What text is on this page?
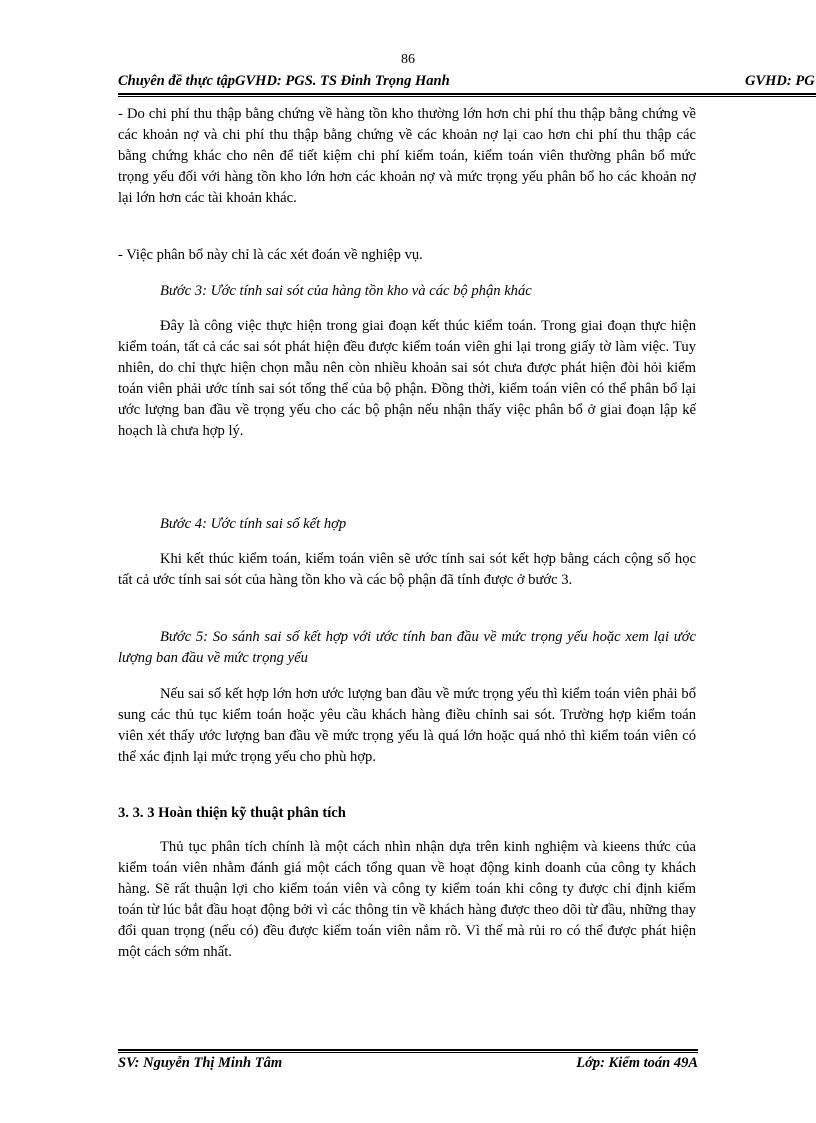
86
Chuyên đề thực tậpGVHD: PGS. TS Đinh Trọng Hanh	GVHD: PG

- Do chi phí thu thập bằng chứng về hàng tồn kho thường lớn hơn chi phí thu thập bằng chứng về các khoản nợ và chi phí thu thập bằng chứng về các khoản nợ lại cao hơn chi phí thu thập các bằng chứng khác cho nên để tiết kiệm chi phí kiểm toán, kiểm toán viên thường phân bổ mức trọng yếu đối với hàng tồn kho lớn hơn các khoản nợ và mức trọng yếu phân bổ ho các khoản nợ lại lớn hơn các tài khoản khác.

- Việc phân bổ này chỉ là các xét đoán về nghiệp vụ.

Bước 3: Ước tính sai sót của hàng tồn kho và các bộ phận khác

Đây là công việc thực hiện trong giai đoạn kết thúc kiểm toán. Trong giai đoạn thực hiện kiểm toán, tất cả các sai sót phát hiện đều được kiểm toán viên ghi lại trong giấy tờ làm việc. Tuy nhiên, do chỉ thực hiện chọn mẫu nên còn nhiều khoản sai sót chưa được phát hiện đòi hỏi kiểm toán viên phải ước tính sai sót tổng thể của bộ phận. Đồng thời, kiểm toán viên có thể phân bổ lại ước lượng ban đầu về trọng yếu cho các bộ phận nếu nhận thấy việc phân bổ ở giai đoạn lập kế hoạch là chưa hợp lý.

Bước 4: Ước tính sai số kết hợp

Khi kết thúc kiểm toán, kiểm toán viên sẽ ước tính sai sót kết hợp bằng cách cộng số học tất cả ước tính sai sót của hàng tồn kho và các bộ phận đã tính được ở bước 3.

Bước 5: So sánh sai số kết hợp với ước tính ban đầu về mức trọng yếu hoặc xem lại ước lượng ban đầu về mức trọng yếu

Nếu sai số kết hợp lớn hơn ước lượng ban đầu về mức trọng yếu thì kiểm toán viên phải bổ sung các thủ tục kiểm toán hoặc yêu cầu khách hàng điều chỉnh sai sót. Trường hợp kiểm toán viên xét thấy ước lượng ban đầu về mức trọng yếu là quá lớn hoặc quá nhỏ thì kiểm toán viên có thể xác định lại mức trọng yếu cho phù hợp.

3. 3. 3 Hoàn thiện kỹ thuật phân tích

Thủ tục phân tích chính là một cách nhìn nhận dựa trên kinh nghiệm và kieens thức của kiểm toán viên nhằm đánh giá một cách tổng quan về hoạt động kinh doanh của công ty khách hàng. Sẽ rất thuận lợi cho kiểm toán viên và công ty kiểm toán khi công ty được chỉ định kiểm toán từ lúc bắt đầu hoạt động bởi vì các thông tin về khách hàng được theo dõi từ đầu, những thay đổi quan trọng (nếu có) đều được kiểm toán viên nắm rõ. Vì thế mà rủi ro có thể được phát hiện một cách sớm nhất.

SV: Nguyễn Thị Minh Tâm	Lớp: Kiểm toán 49A
